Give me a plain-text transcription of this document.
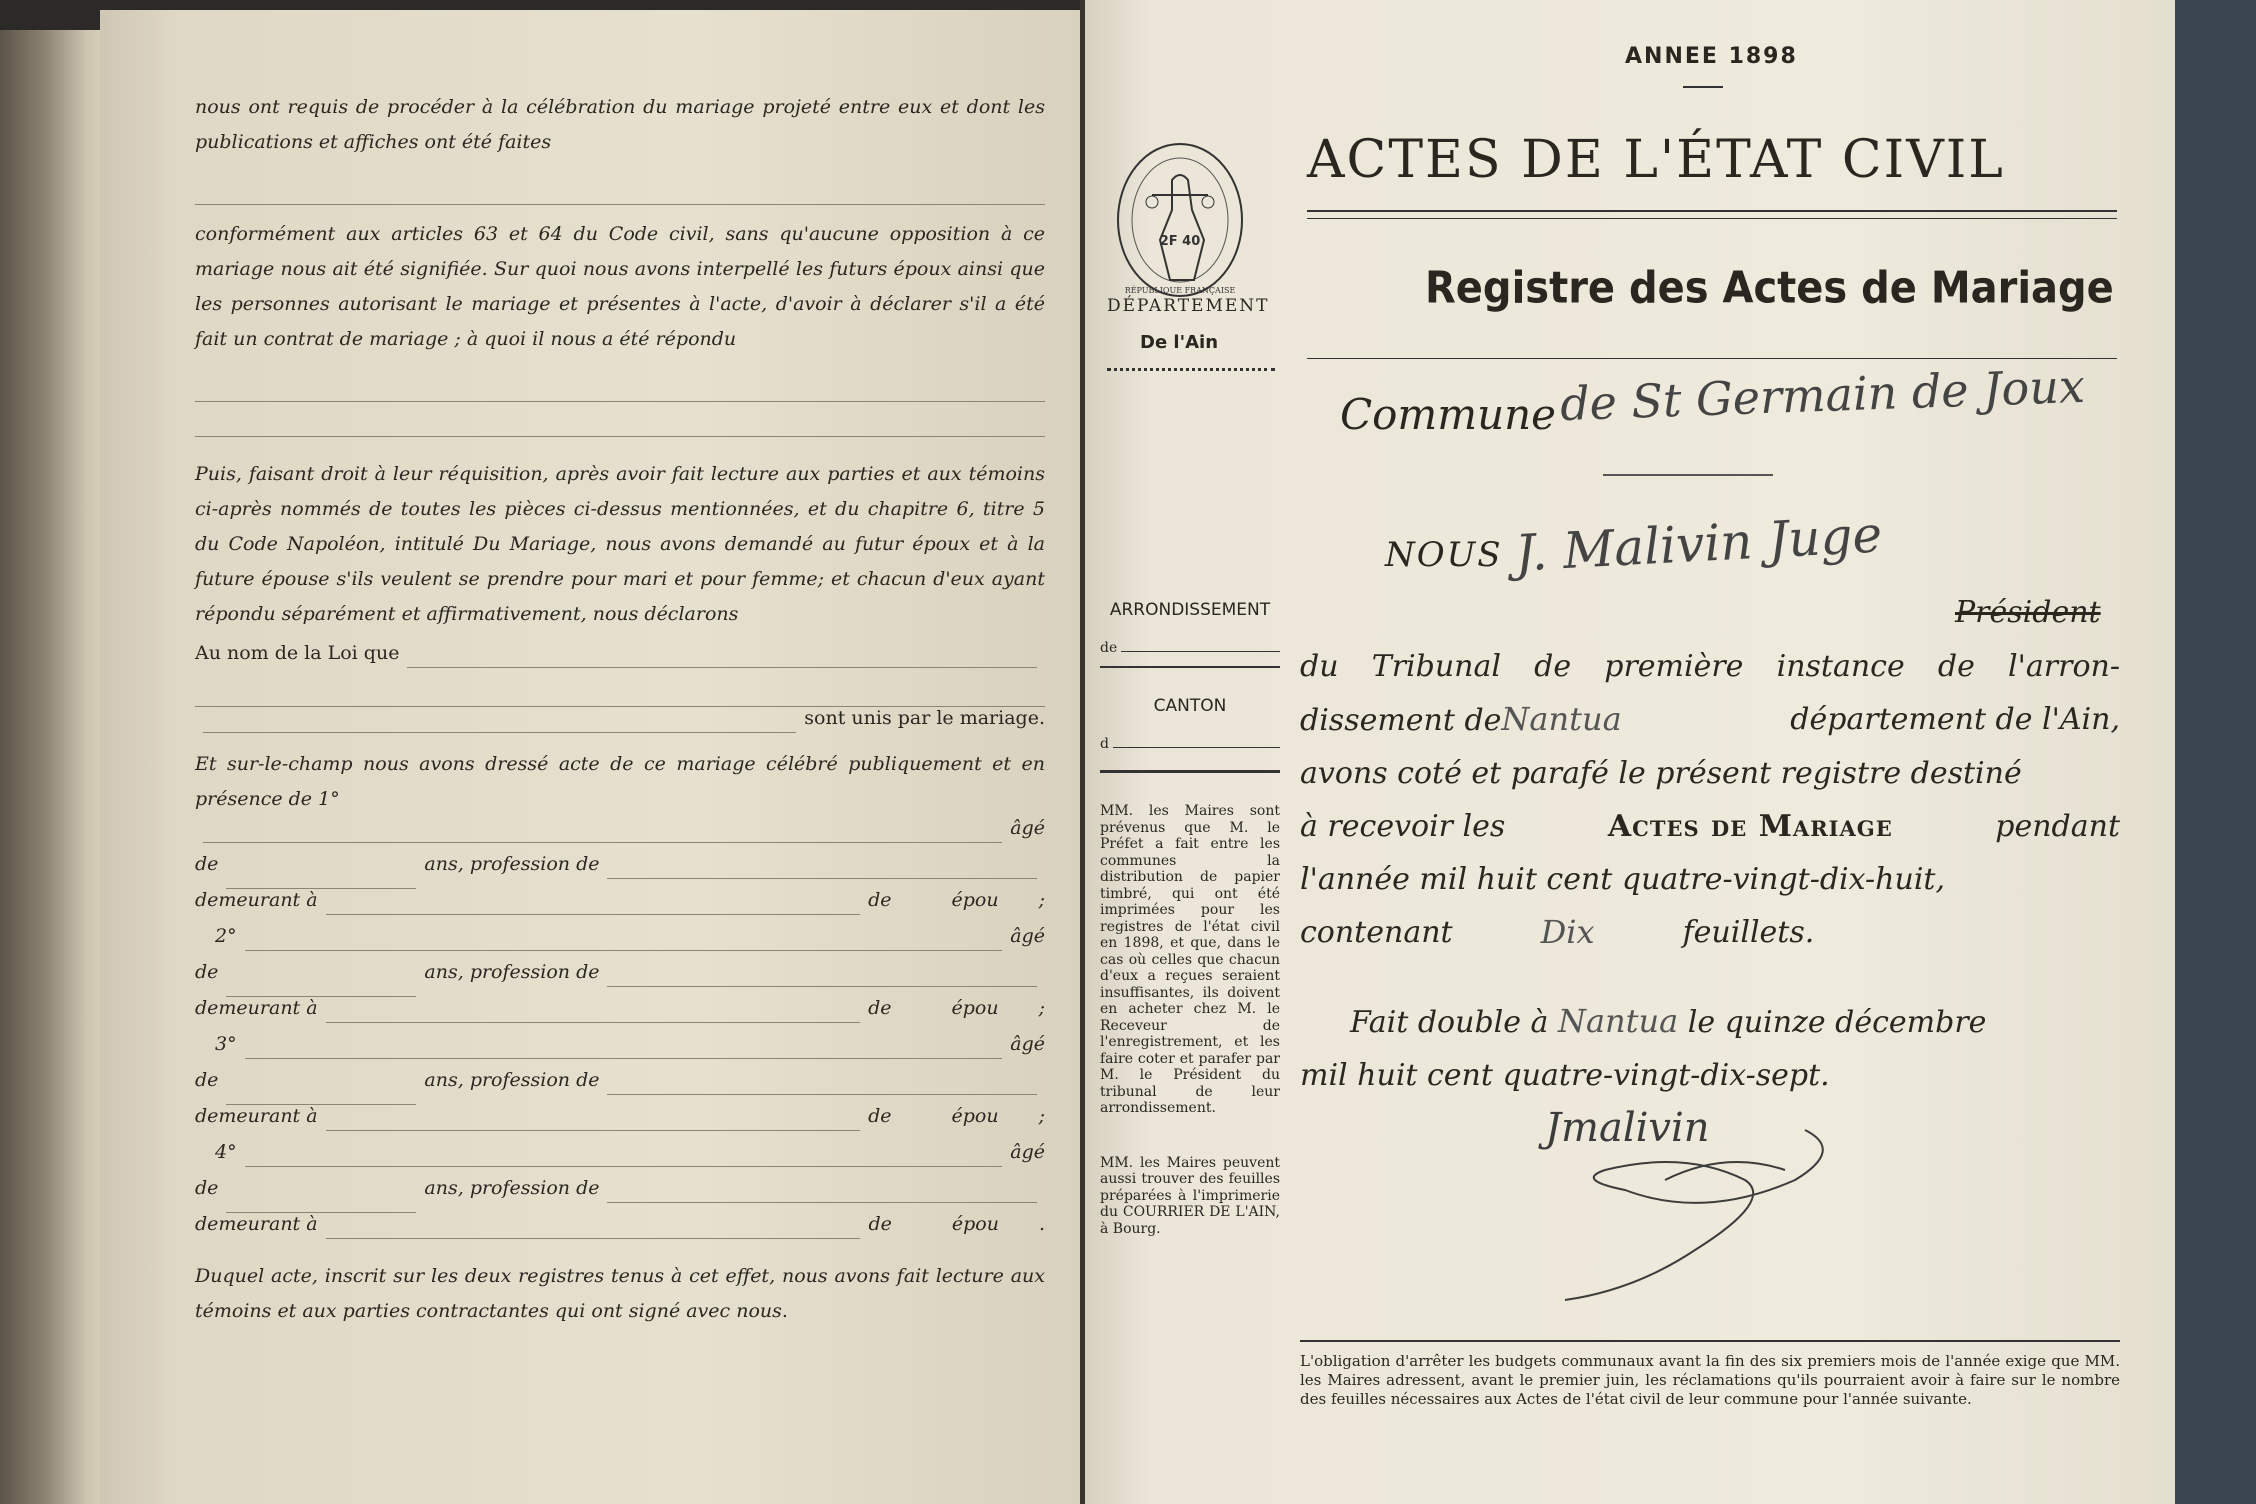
nous ont requis de procéder à la célébration du mariage projeté entre eux et dont les publications et affiches ont été faites

conformément aux articles 63 et 64 du Code civil, sans qu'aucune opposition à ce mariage nous ait été signifiée. Sur quoi nous avons interpellé les futurs époux ainsi que les personnes autorisant le mariage et présentes à l'acte, d'avoir à déclarer s'il a été fait un contrat de mariage ; à quoi il nous a été répondu

Puis, faisant droit à leur réquisition, après avoir fait lecture aux parties et aux témoins ci-après nommés de toutes les pièces ci-dessus mentionnées, et du chapitre 6, titre 5 du Code Napoléon, intitulé Du Mariage, nous avons demandé au futur époux et à la future épouse s'ils veulent se prendre pour mari et pour femme; et chacun d'eux ayant répondu séparément et affirmativement, nous déclarons

Au nom de la Loi que
sont unis par le mariage.

Et sur-le-champ nous avons dressé acte de ce mariage célébré publiquement et en présence de 1°

âgé
de	ans, profession de
demeurant à	de	épou ;
2°	âgé
de	ans, profession de
demeurant à	de	épou ;
3°	âgé
de	ans, profession de
demeurant à	de	épou ;
4°	âgé
de	ans, profession de
demeurant à	de	épou .

Duquel acte, inscrit sur les deux registres tenus à cet effet, nous avons fait lecture aux témoins et aux parties contractantes qui ont signé avec nous.

ANNEE 1898
2F 40
RÉPUBLIQUE FRANÇAISE
DÉPARTEMENT
De l'Ain
ACTES DE L'ÉTAT CIVIL
Registre des Actes de Mariage
Commune de St Germain de Joux
NOUS J. Malivin Juge
Président
du Tribunal de première instance de l'arron-
dissement deNantua	département de l'Ain,
avons coté et parafé le présent registre destiné
à recevoir les	Actes de Mariage	pendant
l'année mil huit cent quatre-vingt-dix-huit,
contenant	Dix	feuillets.
Fait double à Nantua le quinze décembre
mil huit cent quatre-vingt-dix-sept.
Jmalivin
L'obligation d'arrêter les budgets communaux avant la fin des six premiers mois de l'année exige que MM. les Maires adressent, avant le premier juin, les réclamations qu'ils pourraient avoir à faire sur le nombre des feuilles nécessaires aux Actes de l'état civil de leur commune pour l'année suivante.
ARRONDISSEMENT
de
CANTON
d
MM. les Maires sont prévenus que M. le Préfet a fait entre les communes la distribution de papier timbré, qui ont été imprimées pour les registres de l'état civil en 1898, et que, dans le cas où celles que chacun d'eux a reçues seraient insuffisantes, ils doivent en acheter chez M. le Receveur de l'enregistrement, et les faire coter et parafer par M. le Président du tribunal de leur arrondissement.
MM. les Maires peuvent aussi trouver des feuilles préparées à l'imprimerie du COURRIER DE L'AIN, à Bourg.
